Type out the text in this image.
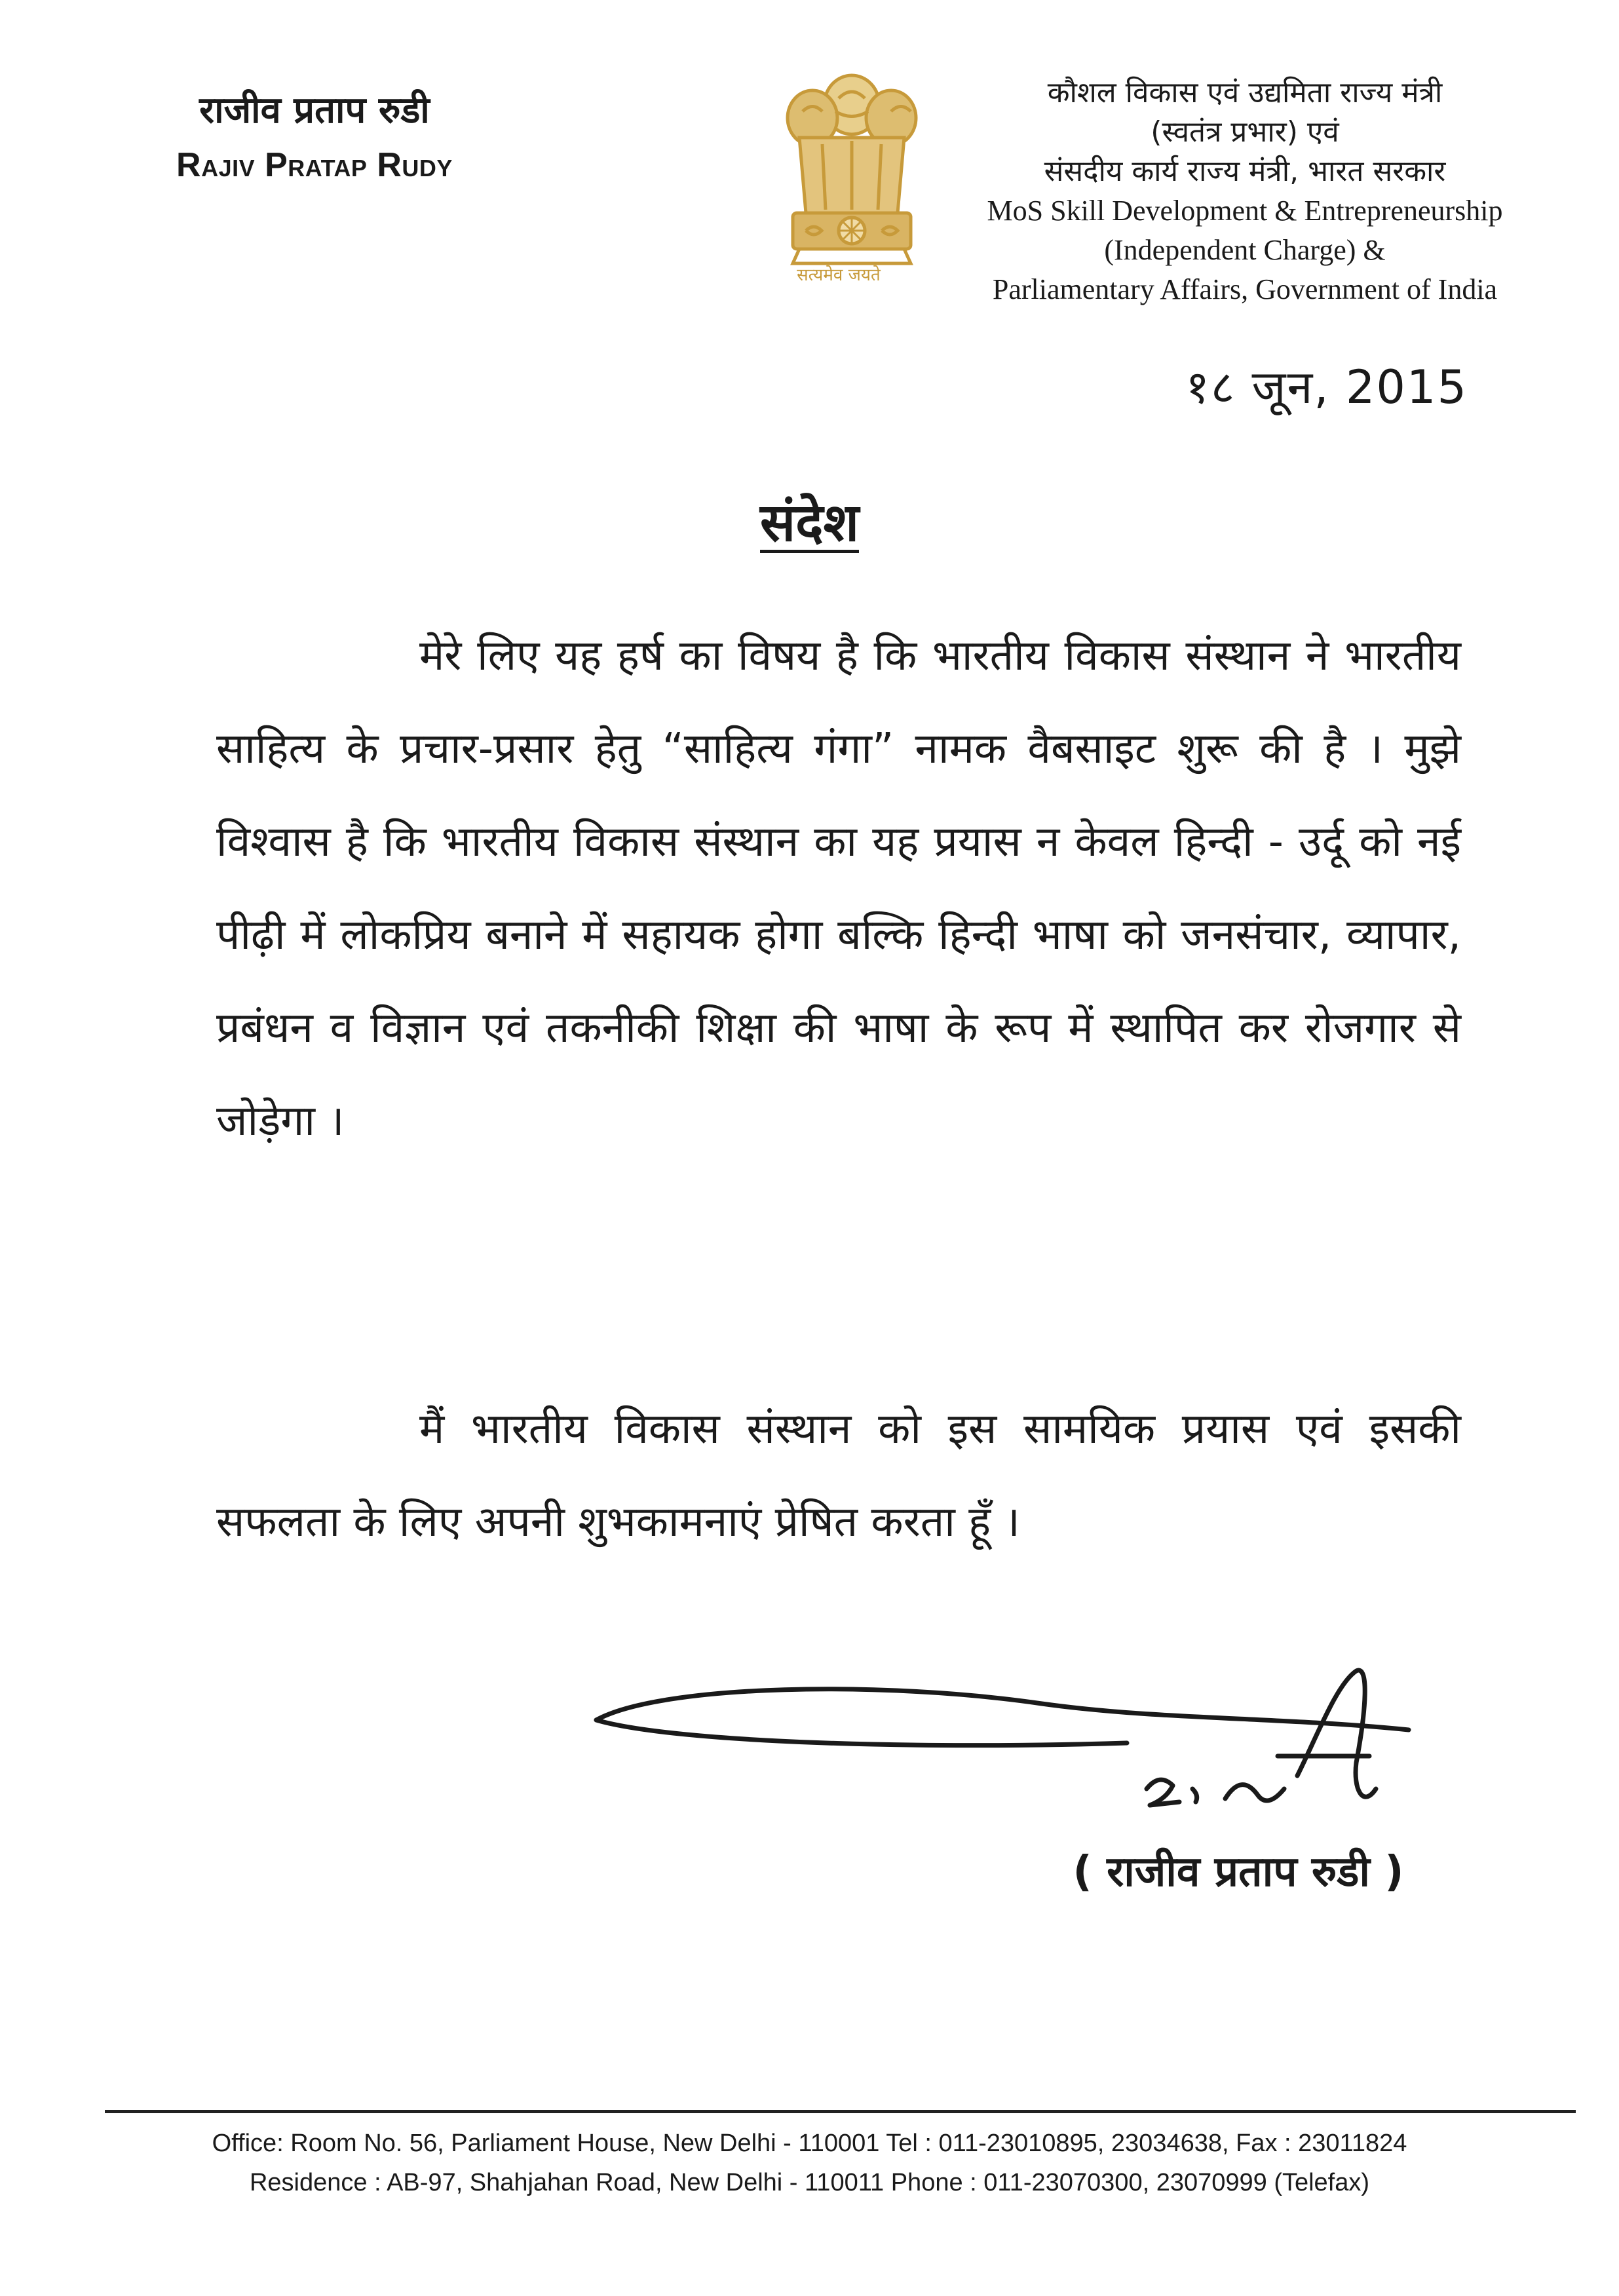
राजीव प्रताप रुडी
Rajiv Pratap Rudy
सत्यमेव जयते
कौशल विकास एवं उद्यमिता राज्य मंत्री
(स्वतंत्र प्रभार) एवं
संसदीय कार्य राज्य मंत्री, भारत सरकार
MoS Skill Development & Entrepreneurship
(Independent Charge) &
Parliamentary Affairs, Government of India
१८ जून, 2015
संदेश
मेरे लिए यह हर्ष का विषय है कि भारतीय विकास संस्थान ने भारतीय साहित्य के प्रचार-प्रसार हेतु “साहित्य गंगा” नामक वैबसाइट शुरू की है । मुझे विश्वास है कि भारतीय विकास संस्थान का यह प्रयास न केवल हिन्दी - उर्दू को नई पीढ़ी में लोकप्रिय बनाने में सहायक होगा बल्कि हिन्दी भाषा को जनसंचार, व्यापार, प्रबंधन व विज्ञान एवं तकनीकी शिक्षा की भाषा के रूप में स्थापित कर रोजगार से जोड़ेगा ।
मैं भारतीय विकास संस्थान को इस सामयिक प्रयास एवं इसकी सफलता के लिए अपनी शुभकामनाएं प्रेषित करता हूँ ।
( राजीव प्रताप रुडी )
Office: Room No. 56, Parliament House, New Delhi - 110001 Tel : 011-23010895, 23034638, Fax : 23011824
Residence : AB-97, Shahjahan Road, New Delhi - 110011 Phone : 011-23070300, 23070999 (Telefax)
